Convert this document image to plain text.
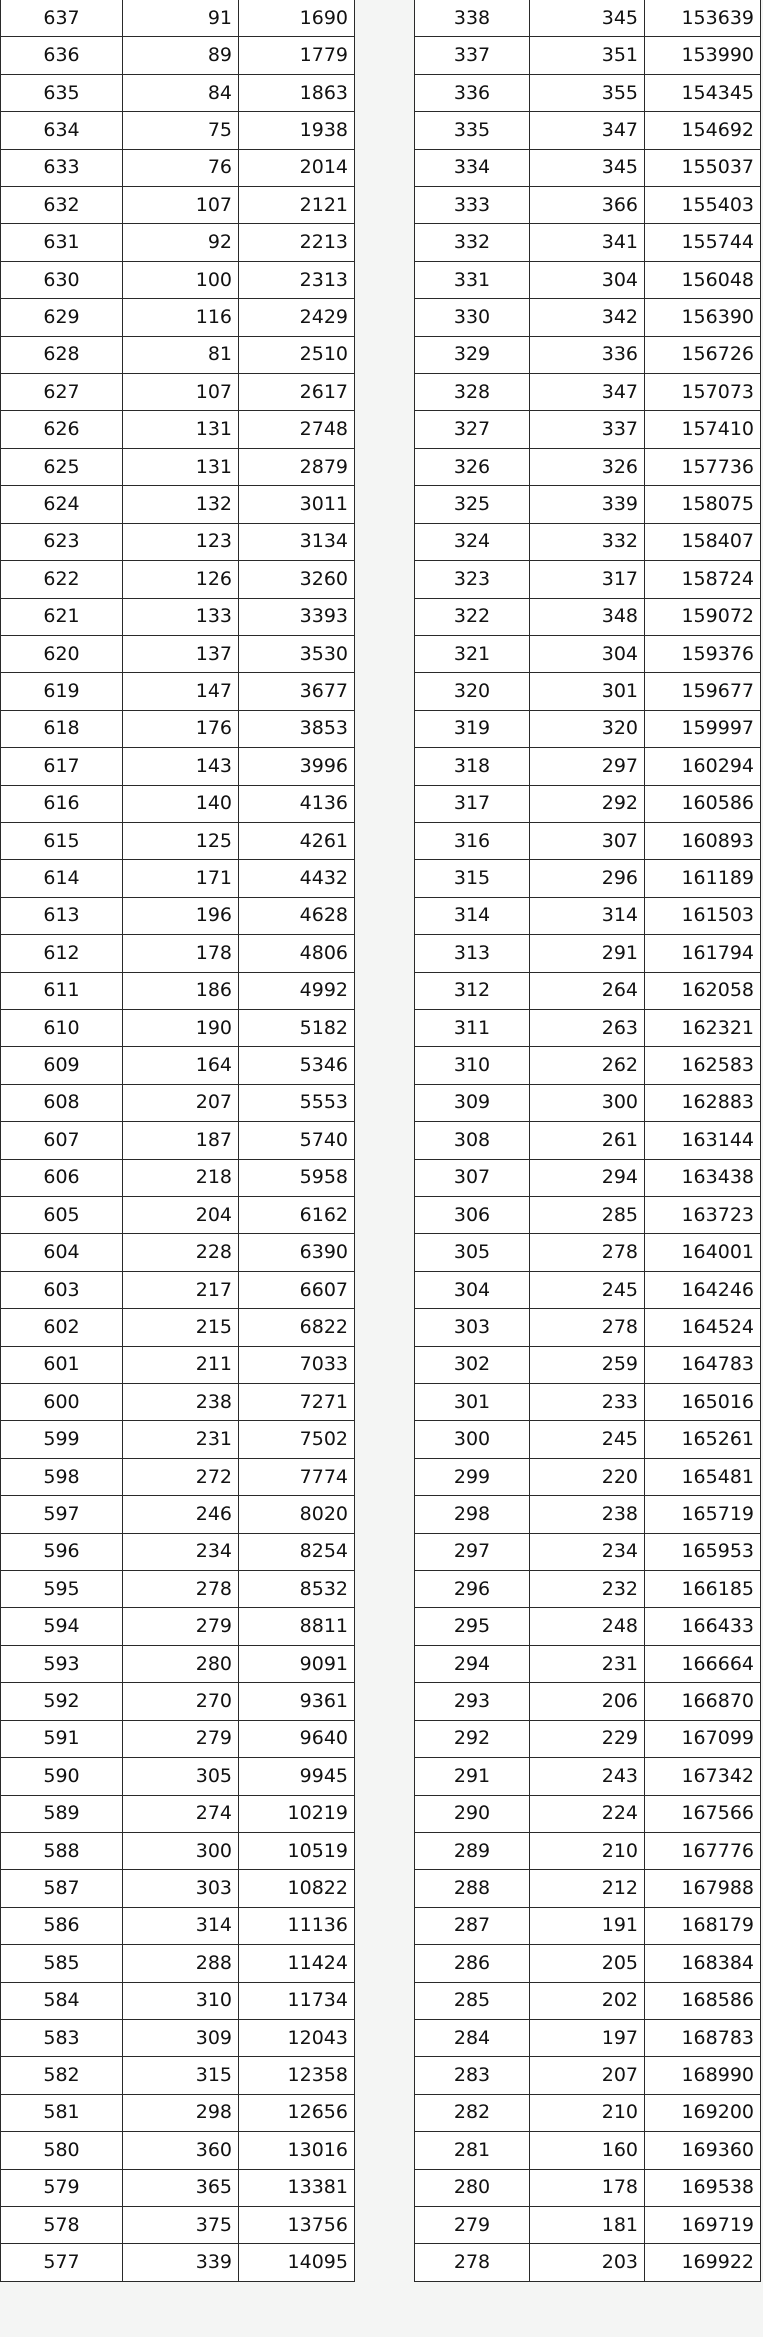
637	91	1690
636	89	1779
635	84	1863
634	75	1938
633	76	2014
632	107	2121
631	92	2213
630	100	2313
629	116	2429
628	81	2510
627	107	2617
626	131	2748
625	131	2879
624	132	3011
623	123	3134
622	126	3260
621	133	3393
620	137	3530
619	147	3677
618	176	3853
617	143	3996
616	140	4136
615	125	4261
614	171	4432
613	196	4628
612	178	4806
611	186	4992
610	190	5182
609	164	5346
608	207	5553
607	187	5740
606	218	5958
605	204	6162
604	228	6390
603	217	6607
602	215	6822
601	211	7033
600	238	7271
599	231	7502
598	272	7774
597	246	8020
596	234	8254
595	278	8532
594	279	8811
593	280	9091
592	270	9361
591	279	9640
590	305	9945
589	274	10219
588	300	10519
587	303	10822
586	314	11136
585	288	11424
584	310	11734
583	309	12043
582	315	12358
581	298	12656
580	360	13016
579	365	13381
578	375	13756
577	339	14095
338	345	153639
337	351	153990
336	355	154345
335	347	154692
334	345	155037
333	366	155403
332	341	155744
331	304	156048
330	342	156390
329	336	156726
328	347	157073
327	337	157410
326	326	157736
325	339	158075
324	332	158407
323	317	158724
322	348	159072
321	304	159376
320	301	159677
319	320	159997
318	297	160294
317	292	160586
316	307	160893
315	296	161189
314	314	161503
313	291	161794
312	264	162058
311	263	162321
310	262	162583
309	300	162883
308	261	163144
307	294	163438
306	285	163723
305	278	164001
304	245	164246
303	278	164524
302	259	164783
301	233	165016
300	245	165261
299	220	165481
298	238	165719
297	234	165953
296	232	166185
295	248	166433
294	231	166664
293	206	166870
292	229	167099
291	243	167342
290	224	167566
289	210	167776
288	212	167988
287	191	168179
286	205	168384
285	202	168586
284	197	168783
283	207	168990
282	210	169200
281	160	169360
280	178	169538
279	181	169719
278	203	169922
